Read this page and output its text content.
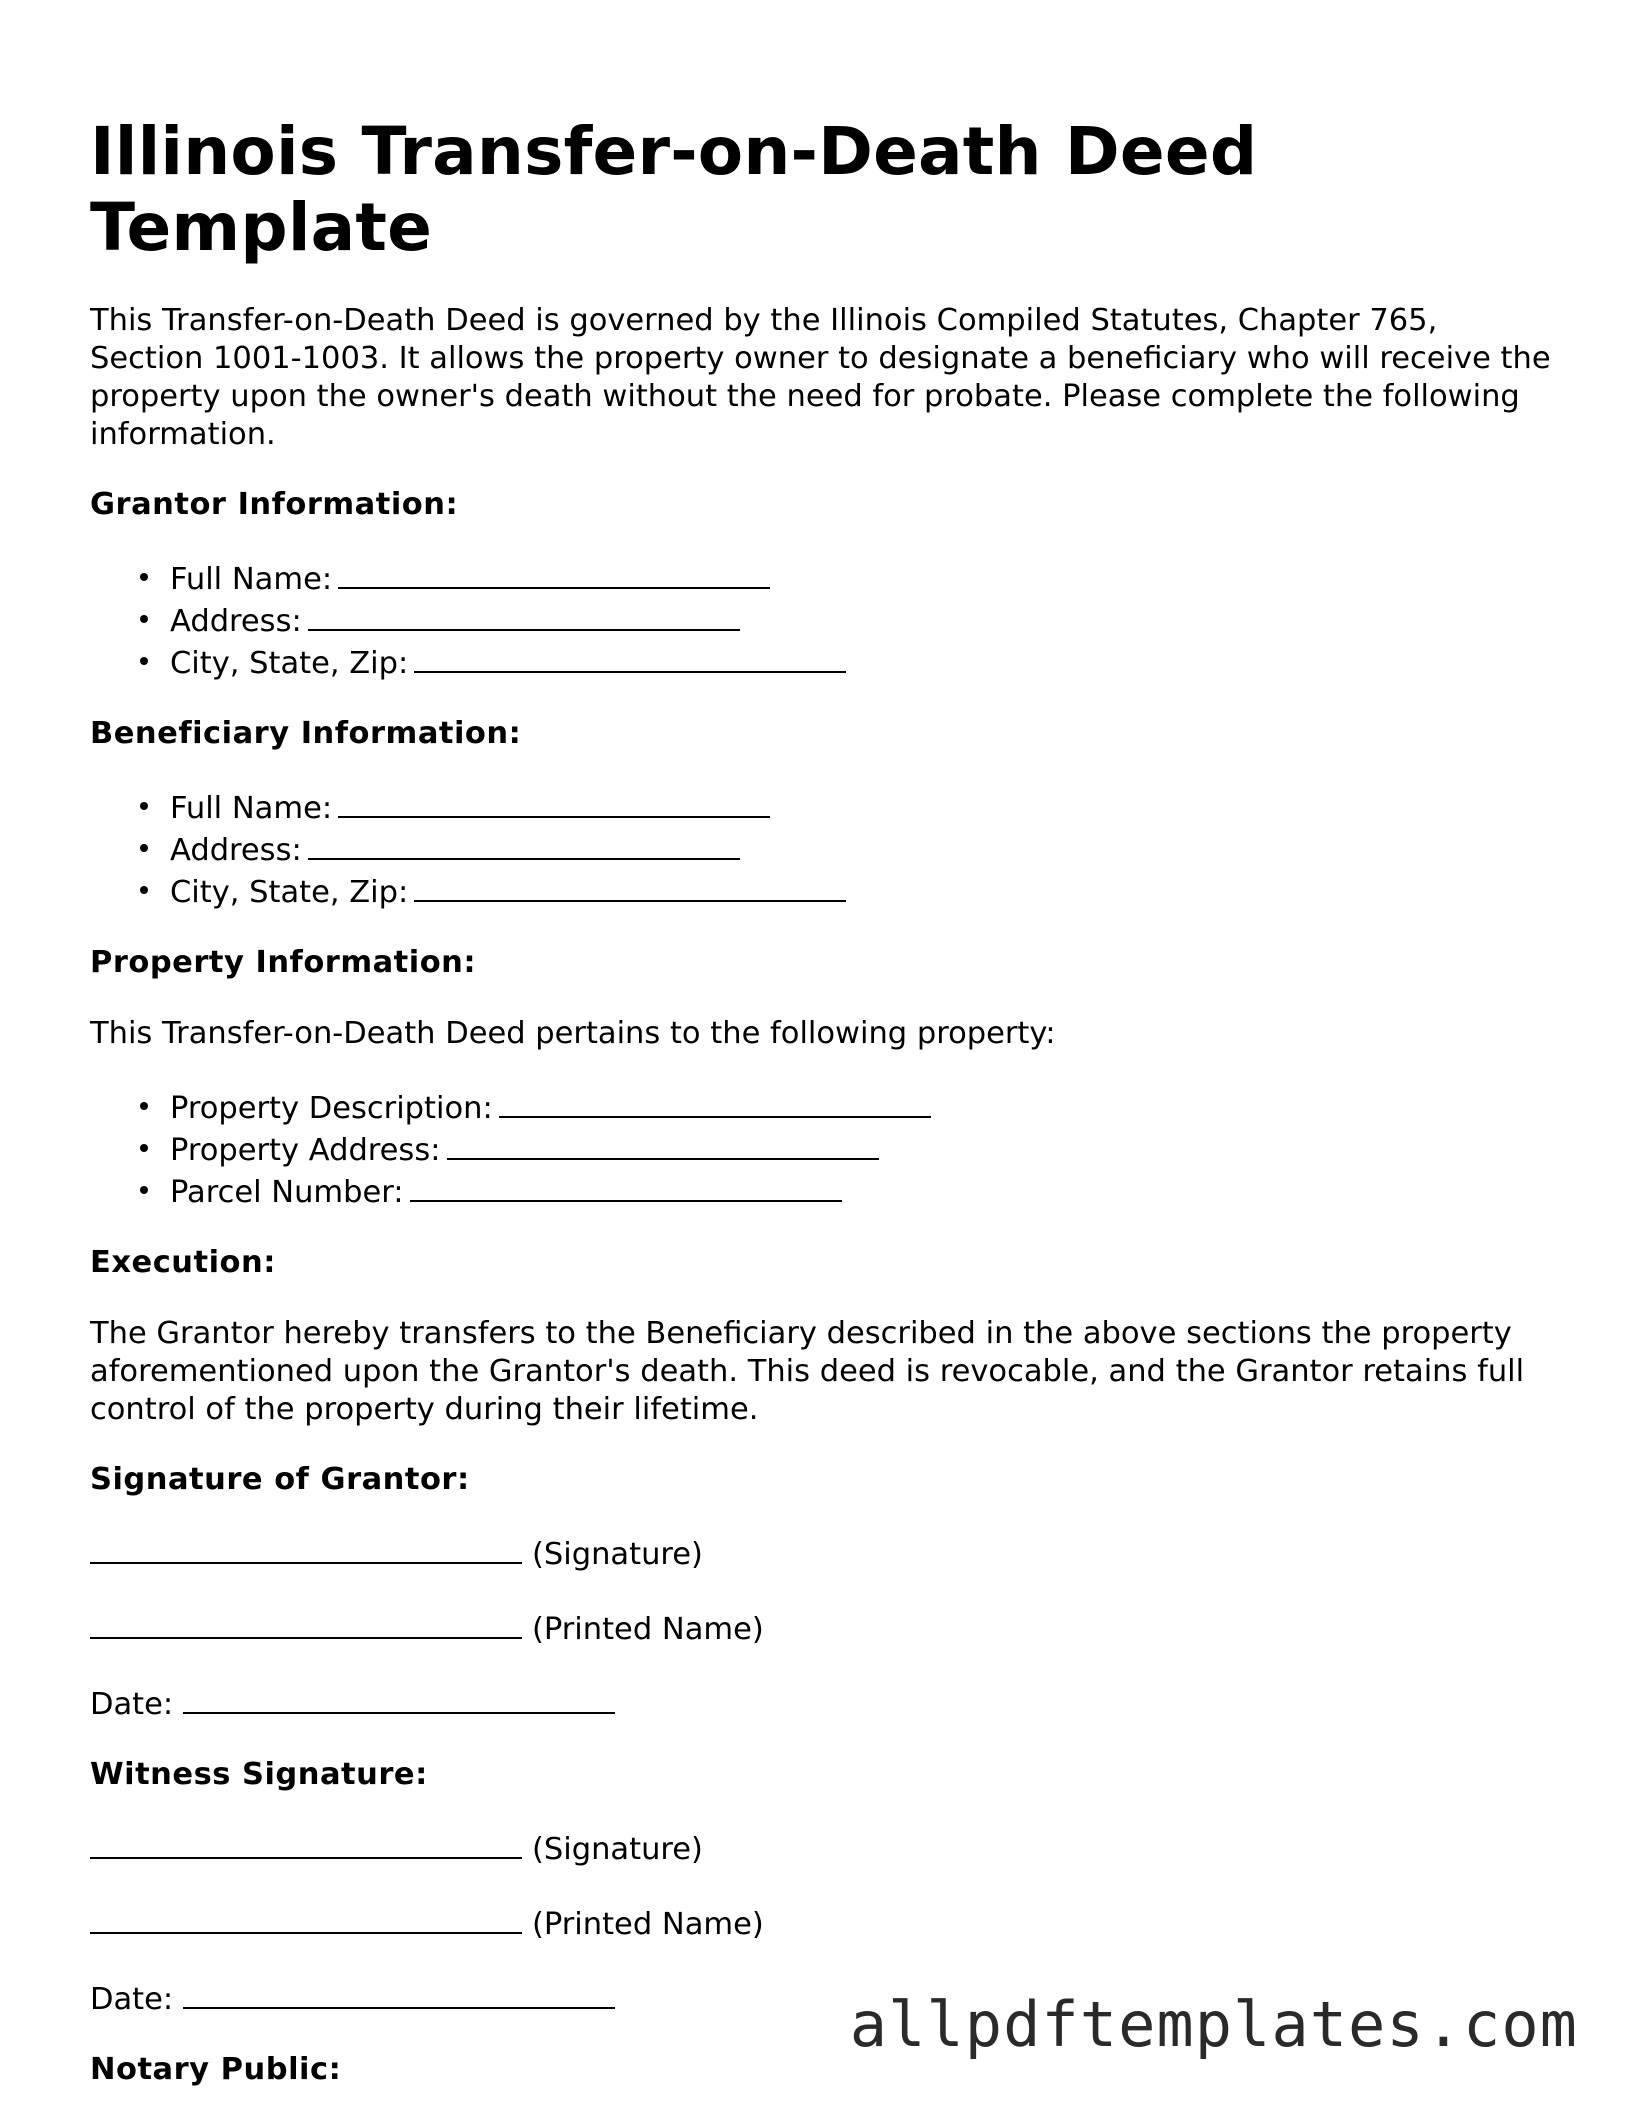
Illinois Transfer-on-Death Deed Template

This Transfer-on-Death Deed is governed by the Illinois Compiled Statutes, Chapter 765, Section 1001-1003. It allows the property owner to designate a beneficiary who will receive the property upon the owner's death without the need for probate. Please complete the following information.

Grantor Information:

Full Name:
Address:
City, State, Zip:

Beneficiary Information:

Full Name:
Address:
City, State, Zip:

Property Information:

This Transfer-on-Death Deed pertains to the following property:

Property Description:
Property Address:
Parcel Number:

Execution:

The Grantor hereby transfers to the Beneficiary described in the above sections the property aforementioned upon the Grantor's death. This deed is revocable, and the Grantor retains full control of the property during their lifetime.

Signature of Grantor:

(Signature)

(Printed Name)

Date:

Witness Signature:

(Signature)

(Printed Name)

Date:

Notary Public:

allpdftemplates.com
